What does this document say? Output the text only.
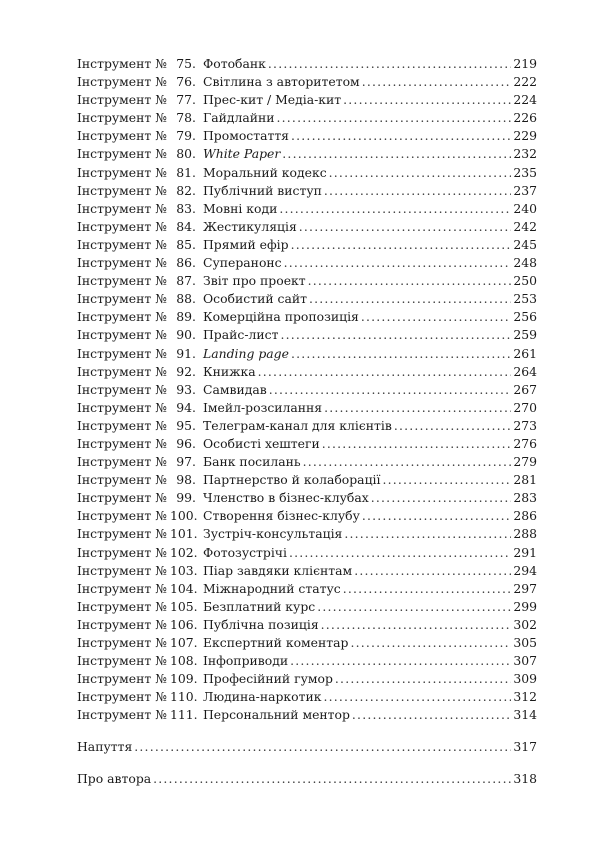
Інструмент № 75. Фотобанк .....	219
Інструмент № 76. Світлина з авторитетом .....	222
Інструмент № 77. Прес-кит / Медіа-кит .....	224
Інструмент № 78. Гайдлайни .....	226
Інструмент № 79. Промостаття .....	229
Інструмент № 80. White Paper .....	232
Інструмент № 81. Моральний кодекс .....	235
Інструмент № 82. Публічний виступ .....	237
Інструмент № 83. Мовні коди .....	240
Інструмент № 84. Жестикуляція .....	242
Інструмент № 85. Прямий ефір .....	245
Інструмент № 86. Суперанонс .....	248
Інструмент № 87. Звіт про проект .....	250
Інструмент № 88. Особистий сайт .....	253
Інструмент № 89. Комерційна пропозиція .....	256
Інструмент № 90. Прайс-лист .....	259
Інструмент № 91. Landing page .....	261
Інструмент № 92. Книжка .....	264
Інструмент № 93. Самвидав .....	267
Інструмент № 94. Імейл-розсилання .....	270
Інструмент № 95. Телеграм-канал для клієнтів .....	273
Інструмент № 96. Особисті хештеги .....	276
Інструмент № 97. Банк посилань .....	279
Інструмент № 98. Партнерство й колаборації .....	281
Інструмент № 99. Членство в бізнес-клубах .....	283
Інструмент № 100. Створення бізнес-клубу .....	286
Інструмент № 101. Зустріч-консультація .....	288
Інструмент № 102. Фотозустрічі .....	291
Інструмент № 103. Піар завдяки клієнтам .....	294
Інструмент № 104. Міжнародний статус .....	297
Інструмент № 105. Безплатний курс .....	299
Інструмент № 106. Публічна позиція .....	302
Інструмент № 107. Експертний коментар .....	305
Інструмент № 108. Інфоприводи .....	307
Інструмент № 109. Професійний гумор .....	309
Інструмент № 110. Людина-наркотик .....	312
Інструмент № 111. Персональний ментор .....	314
Напуття .....	317
Про автора .....	318
